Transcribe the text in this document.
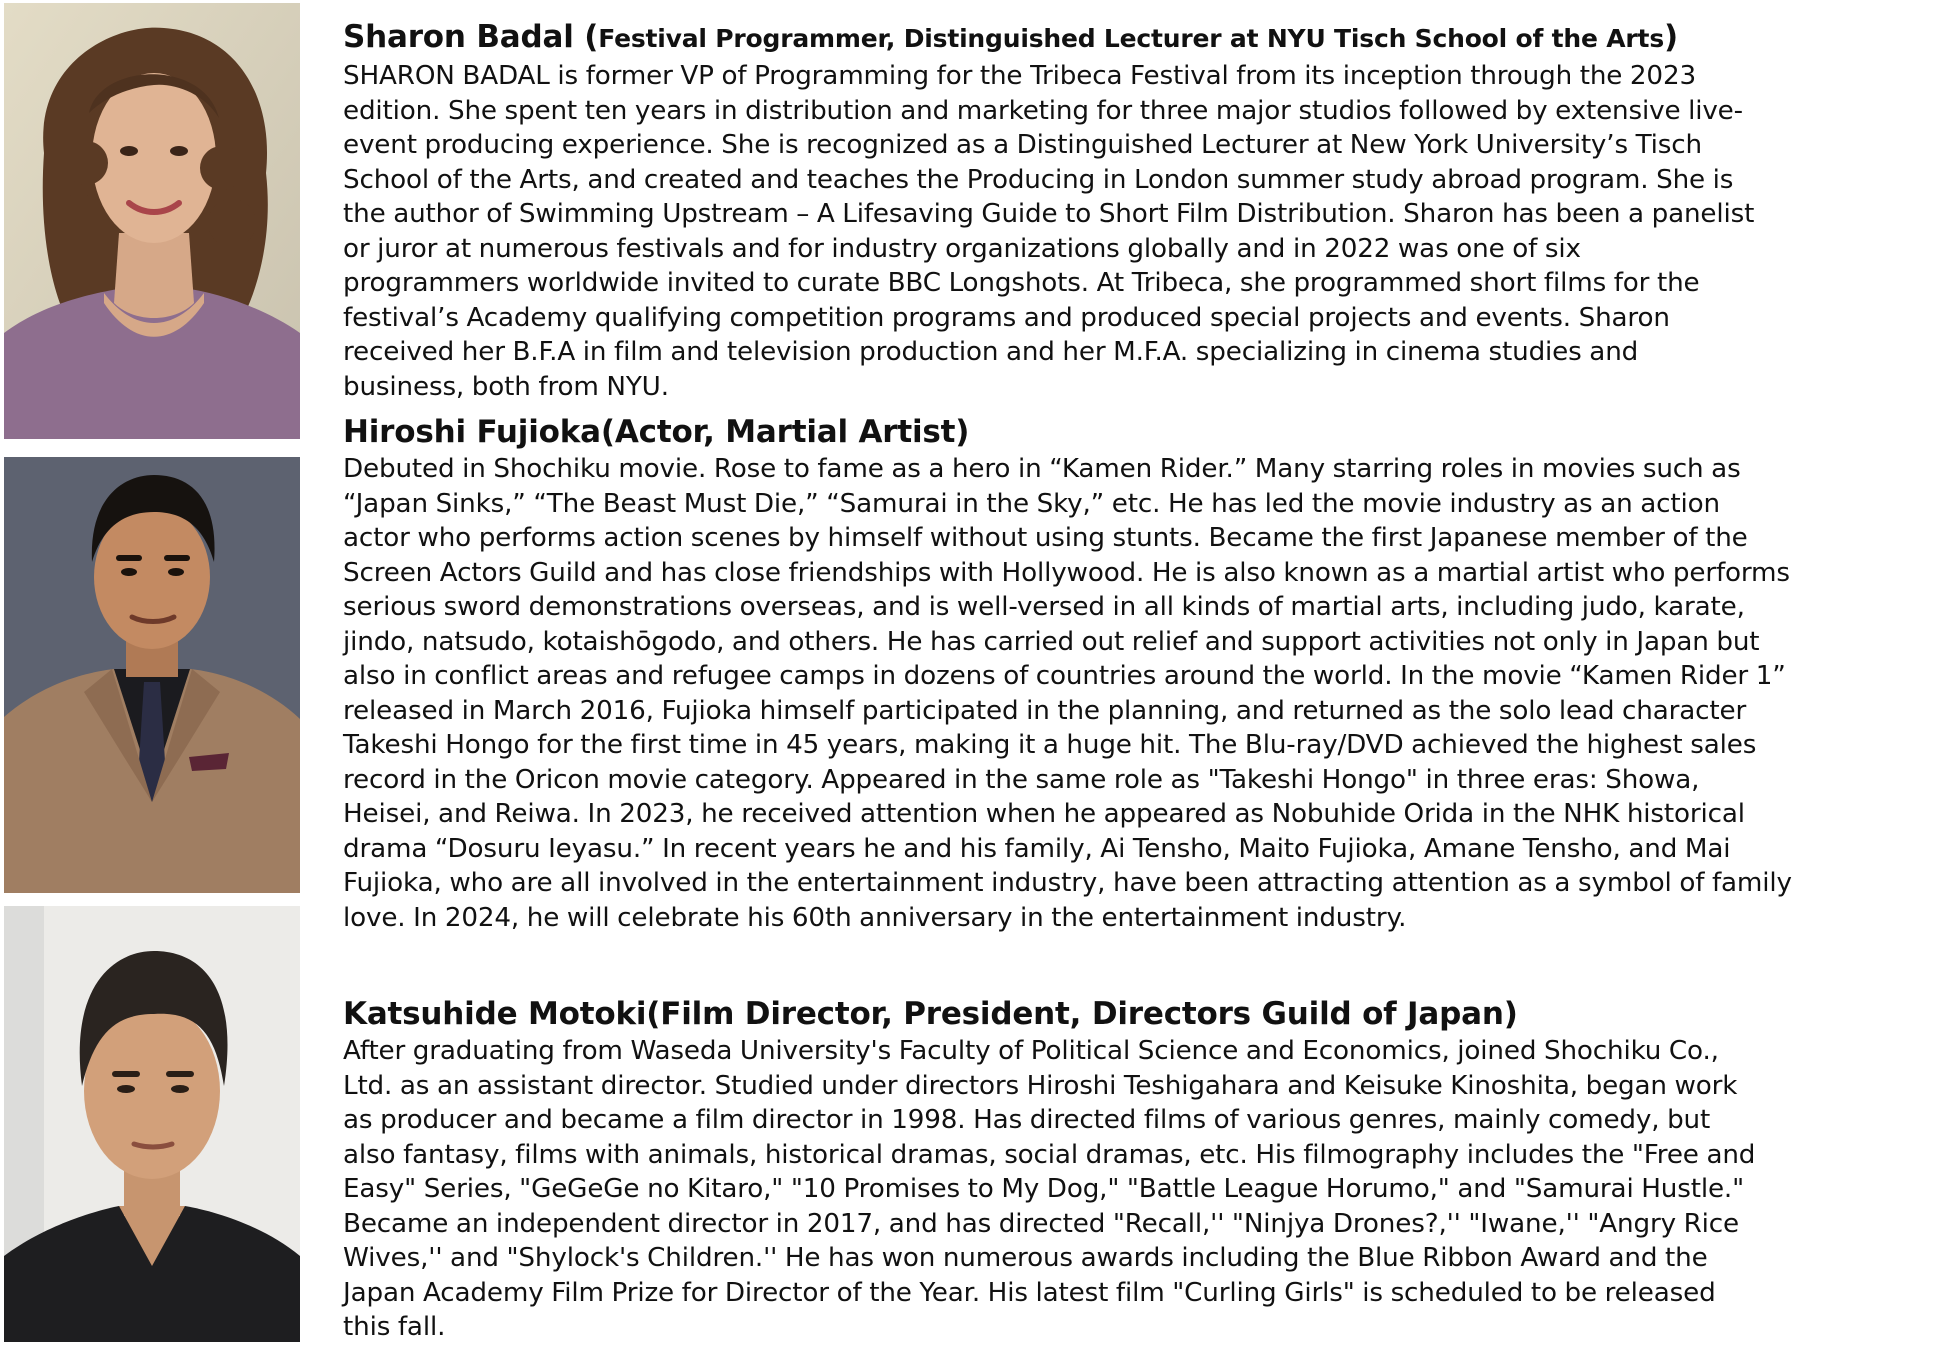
Sharon Badal (Festival Programmer, Distinguished Lecturer at NYU Tisch School of the Arts)
SHARON BADAL is former VP of Programming for the Tribeca Festival from its inception through the 2023
edition. She spent ten years in distribution and marketing for three major studios followed by extensive live-
event producing experience. She is recognized as a Distinguished Lecturer at New York University’s Tisch
School of the Arts, and created and teaches the Producing in London summer study abroad program. She is
the author of Swimming Upstream – A Lifesaving Guide to Short Film Distribution. Sharon has been a panelist
or juror at numerous festivals and for industry organizations globally and in 2022 was one of six
programmers worldwide invited to curate BBC Longshots. At Tribeca, she programmed short films for the
festival’s Academy qualifying competition programs and produced special projects and events. Sharon
received her B.F.A in film and television production and her M.F.A. specializing in cinema studies and
business, both from NYU.
Hiroshi Fujioka(Actor, Martial Artist)
Debuted in Shochiku movie. Rose to fame as a hero in “Kamen Rider.” Many starring roles in movies such as
“Japan Sinks,” “The Beast Must Die,” “Samurai in the Sky,” etc. He has led the movie industry as an action
actor who performs action scenes by himself without using stunts. Became the first Japanese member of the
Screen Actors Guild and has close friendships with Hollywood. He is also known as a martial artist who performs
serious sword demonstrations overseas, and is well-versed in all kinds of martial arts, including judo, karate,
jindo, natsudo, kotaishōgodo, and others. He has carried out relief and support activities not only in Japan but
also in conflict areas and refugee camps in dozens of countries around the world. In the movie “Kamen Rider 1”
released in March 2016, Fujioka himself participated in the planning, and returned as the solo lead character
Takeshi Hongo for the first time in 45 years, making it a huge hit. The Blu-ray/DVD achieved the highest sales
record in the Oricon movie category. Appeared in the same role as "Takeshi Hongo" in three eras: Showa,
Heisei, and Reiwa. In 2023, he received attention when he appeared as Nobuhide Orida in the NHK historical
drama “Dosuru Ieyasu.” In recent years he and his family, Ai Tensho, Maito Fujioka, Amane Tensho, and Mai
Fujioka, who are all involved in the entertainment industry, have been attracting attention as a symbol of family
love. In 2024, he will celebrate his 60th anniversary in the entertainment industry.
Katsuhide Motoki(Film Director, President, Directors Guild of Japan)
After graduating from Waseda University's Faculty of Political Science and Economics, joined Shochiku Co.,
Ltd. as an assistant director. Studied under directors Hiroshi Teshigahara and Keisuke Kinoshita, began work
as producer and became a film director in 1998. Has directed films of various genres, mainly comedy, but
also fantasy, films with animals, historical dramas, social dramas, etc. His filmography includes the "Free and
Easy" Series, "GeGeGe no Kitaro," "10 Promises to My Dog," "Battle League Horumo," and "Samurai Hustle."
Became an independent director in 2017, and has directed "Recall,'' "Ninjya Drones?,'' "Iwane,'' "Angry Rice
Wives,'' and "Shylock's Children.'' He has won numerous awards including the Blue Ribbon Award and the
Japan Academy Film Prize for Director of the Year. His latest film "Curling Girls" is scheduled to be released
this fall.
